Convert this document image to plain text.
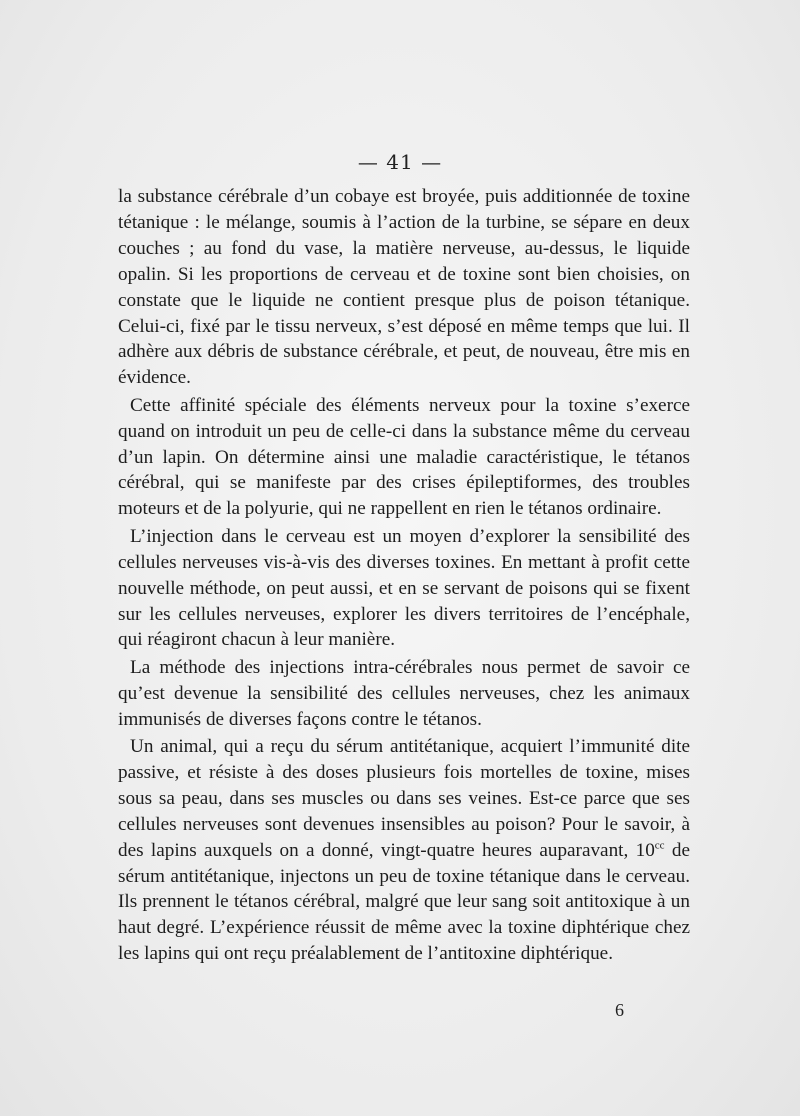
— 41 —

la substance cérébrale d’un cobaye est broyée, puis additionnée de toxine tétanique : le mélange, soumis à l’action de la turbine, se sépare en deux couches ; au fond du vase, la matière nerveuse, au-dessus, le liquide opalin. Si les proportions de cerveau et de toxine sont bien choisies, on constate que le liquide ne contient presque plus de poison tétanique. Celui-ci, fixé par le tissu nerveux, s’est déposé en même temps que lui. Il adhère aux débris de substance cérébrale, et peut, de nouveau, être mis en évidence.

Cette affinité spéciale des éléments nerveux pour la toxine s’exerce quand on introduit un peu de celle-ci dans la substance même du cerveau d’un lapin. On détermine ainsi une maladie caractéristique, le tétanos cérébral, qui se manifeste par des crises épileptiformes, des troubles moteurs et de la polyurie, qui ne rappellent en rien le tétanos ordinaire.

L’injection dans le cerveau est un moyen d’explorer la sensibilité des cellules nerveuses vis-à-vis des diverses toxines. En mettant à profit cette nouvelle méthode, on peut aussi, et en se servant de poisons qui se fixent sur les cellules nerveuses, explorer les divers territoires de l’encéphale, qui réagiront chacun à leur manière.

La méthode des injections intra-cérébrales nous permet de savoir ce qu’est devenue la sensibilité des cellules nerveuses, chez les animaux immunisés de diverses façons contre le tétanos.

Un animal, qui a reçu du sérum antitétanique, acquiert l’immunité dite passive, et résiste à des doses plusieurs fois mortelles de toxine, mises sous sa peau, dans ses muscles ou dans ses veines. Est-ce parce que ses cellules nerveuses sont devenues insensibles au poison? Pour le savoir, à des lapins auxquels on a donné, vingt-quatre heures auparavant, $10^{cc}$ de sérum antitétanique, injectons un peu de toxine tétanique dans le cerveau. Ils prennent le tétanos cérébral, malgré que leur sang soit antitoxique à un haut degré. L’expérience réussit de même avec la toxine diphtérique chez les lapins qui ont reçu préalablement de l’antitoxine diphtérique.

6
